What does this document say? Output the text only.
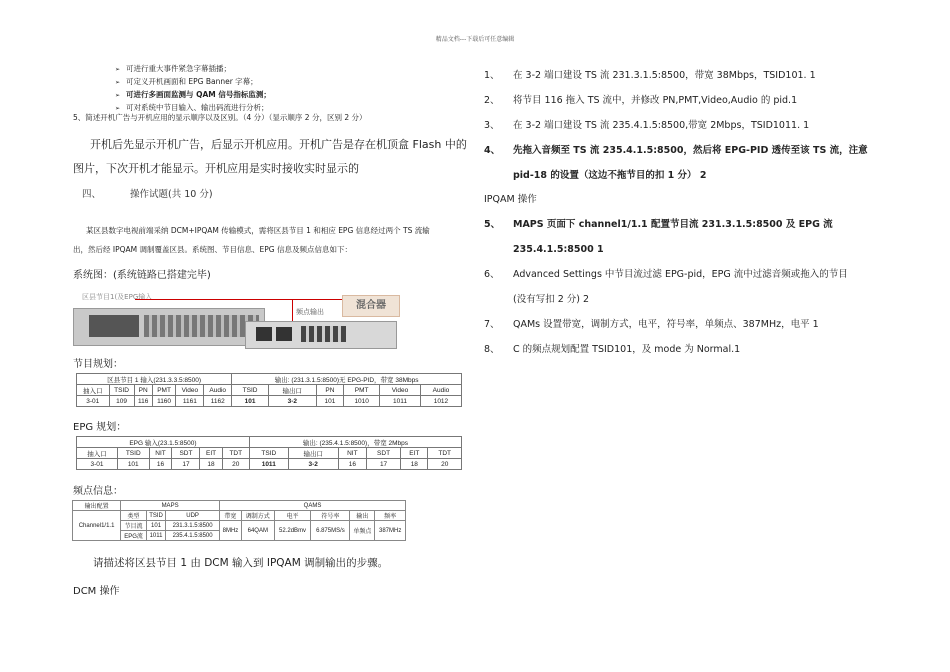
精品文档---下载后可任意编辑
➢ 可进行重大事件紧急字幕插播；
➢ 可定义开机画面和 EPG Banner 字幕；
➢ 可进行多画面监测与 QAM 信号指标监测；
➢ 可对系统中节目输入、输出码流进行分析；
5、简述开机广告与开机应用的显示顺序以及区别。（4 分）（显示顺序 2 分，区别 2 分）
开机后先显示开机广告，后显示开机应用。开机广告是存在机顶盒 Flash 中的
图片，下次开机才能显示。开机应用是实时接收实时显示的
四、	操作试题(共 10 分)
某区县数字电视前端采纳 DCM+IPQAM 传输模式，需将区县节目 1 和相应 EPG 信息经过两个 TS 流输
出，然后经 IPQAM 调制覆盖区县。系统图、节目信息、EPG 信息及频点信息如下：
系统图：(系统链路已搭建完毕)
区县节目1(及EPG输入
频点输出
混合器
节目规划：
区县节目 1 输入(231.3.3.5:8500)						输出: (231.3.1.5:8500)无 EPG-PID，带宽 38Mbps					
抽入口	TSID	PN	PMT	Video	Audio	TSID	输出口	PN	PMT	Video	Audio
3-01	109	116	1160	1161	1162	101	3-2	101	1010	1011	1012
EPG 规划：
EPG 输入(23.1.5:8500)						输出: (235.4.1.5:8500)，带宽 2Mbps					
抽入口	TSID	NIT	SDT	EIT	TDT	TSID	输出口	NIT	SDT	EIT	TDT
3-01	101	16	17	18	20	1011	3-2	16	17	18	20
频点信息：
输出配置	MAPS			QAMS					
Channel1/1.1	类型	TSID	UDP	带宽	调制方式	电平	符号率	输出	频率
	节目流	101	231.3.1.5:8500	8MHz	64QAM	52.2dBmv	6.875MS/s	单频点	387MHz
	EPG流	1011	235.4.1.5:8500						
请描述将区县节目 1 由 DCM 输入到 IPQAM 调制输出的步骤。
DCM 操作
1、 在 3-2 端口建设 TS 流 231.3.1.5:8500，带宽 38Mbps，TSID101. 1
2、 将节目 116 拖入 TS 流中，并修改 PN,PMT,Video,Audio 的 pid.1
3、 在 3-2 端口建设 TS 流 235.4.1.5:8500,带宽 2Mbps，TSID1011. 1
4、 先拖入音频至 TS 流 235.4.1.5:8500，然后将 EPG-PID 透传至该 TS 流，注意
pid-18 的设置（这边不拖节目的扣 1 分） 2
IPQAM 操作
5、 MAPS 页面下 channel1/1.1 配置节目流 231.3.1.5:8500 及 EPG 流
235.4.1.5:8500 1
6、 Advanced Settings 中节目流过滤 EPG-pid，EPG 流中过滤音频或拖入的节目
(没有写扣 2 分) 2
7、 QAMs 设置带宽，调制方式，电平，符号率，单频点、387MHz，电平 1
8、 C 的频点规划配置 TSID101，及 mode 为 Normal.1
